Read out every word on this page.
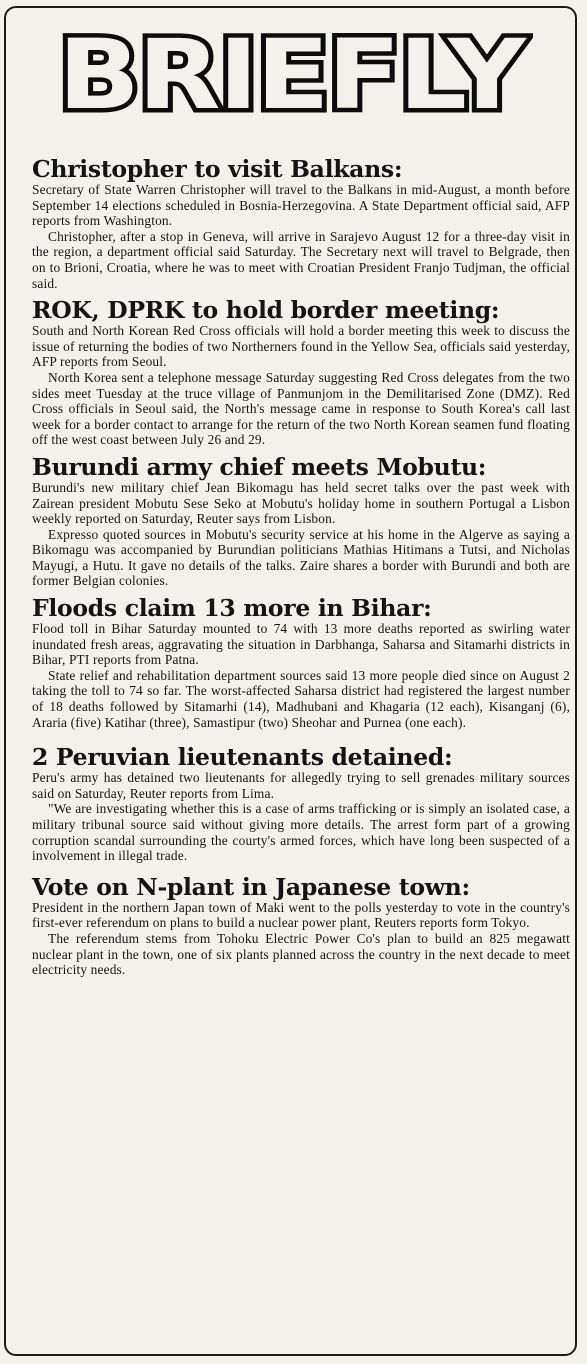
BRIEFLY
Christopher to visit Balkans:

Secretary of State Warren Christopher will travel to the Balkans in mid-August, a month before September 14 elections scheduled in Bosnia-Herzegovina. A State Department official said, AFP reports from Washington.

Christopher, after a stop in Geneva, will arrive in Sarajevo August 12 for a three-day visit in the region, a department official said Saturday. The Secretary next will travel to Belgrade, then on to Brioni, Croatia, where he was to meet with Croatian President Franjo Tudjman, the official said.

ROK, DPRK to hold border meeting:

South and North Korean Red Cross officials will hold a border meeting this week to discuss the issue of returning the bodies of two Northerners found in the Yellow Sea, officials said yesterday, AFP reports from Seoul.

North Korea sent a telephone message Saturday suggesting Red Cross delegates from the two sides meet Tuesday at the truce village of Panmunjom in the Demilitarised Zone (DMZ). Red Cross officials in Seoul said, the North's message came in response to South Korea's call last week for a border contact to arrange for the return of the two North Korean seamen fund floating off the west coast between July 26 and 29.

Burundi army chief meets Mobutu:

Burundi's new military chief Jean Bikomagu has held secret talks over the past week with Zairean president Mobutu Sese Seko at Mobutu's holiday home in southern Portugal a Lisbon weekly reported on Saturday, Reuter says from Lisbon.

Expresso quoted sources in Mobutu's security service at his home in the Algerve as saying a Bikomagu was accompanied by Burundian politicians Mathias Hitimans a Tutsi, and Nicholas Mayugi, a Hutu. It gave no details of the talks. Zaire shares a border with Burundi and both are former Belgian colonies.

Floods claim 13 more in Bihar:

Flood toll in Bihar Saturday mounted to 74 with 13 more deaths reported as swirling water inundated fresh areas, aggravating the situation in Darbhanga, Saharsa and Sitamarhi districts in Bihar, PTI reports from Patna.

State relief and rehabilitation department sources said 13 more people died since on August 2 taking the toll to 74 so far. The worst-affected Saharsa district had registered the largest number of 18 deaths followed by Sitamarhi (14), Madhubani and Khagaria (12 each), Kisanganj (6), Araria (five) Katihar (three), Samastipur (two) Sheohar and Purnea (one each).

2 Peruvian lieutenants detained:

Peru's army has detained two lieutenants for allegedly trying to sell grenades military sources said on Saturday, Reuter reports from Lima.

"We are investigating whether this is a case of arms trafficking or is simply an isolated case, a military tribunal source said without giving more details. The arrest form part of a growing corruption scandal surrounding the courty's armed forces, which have long been suspected of a involvement in illegal trade.

Vote on N-plant in Japanese town:

President in the northern Japan town of Maki went to the polls yesterday to vote in the country's first-ever referendum on plans to build a nuclear power plant, Reuters reports form Tokyo.

The referendum stems from Tohoku Electric Power Co's plan to build an 825 megawatt nuclear plant in the town, one of six plants planned across the country in the next decade to meet electricity needs.
